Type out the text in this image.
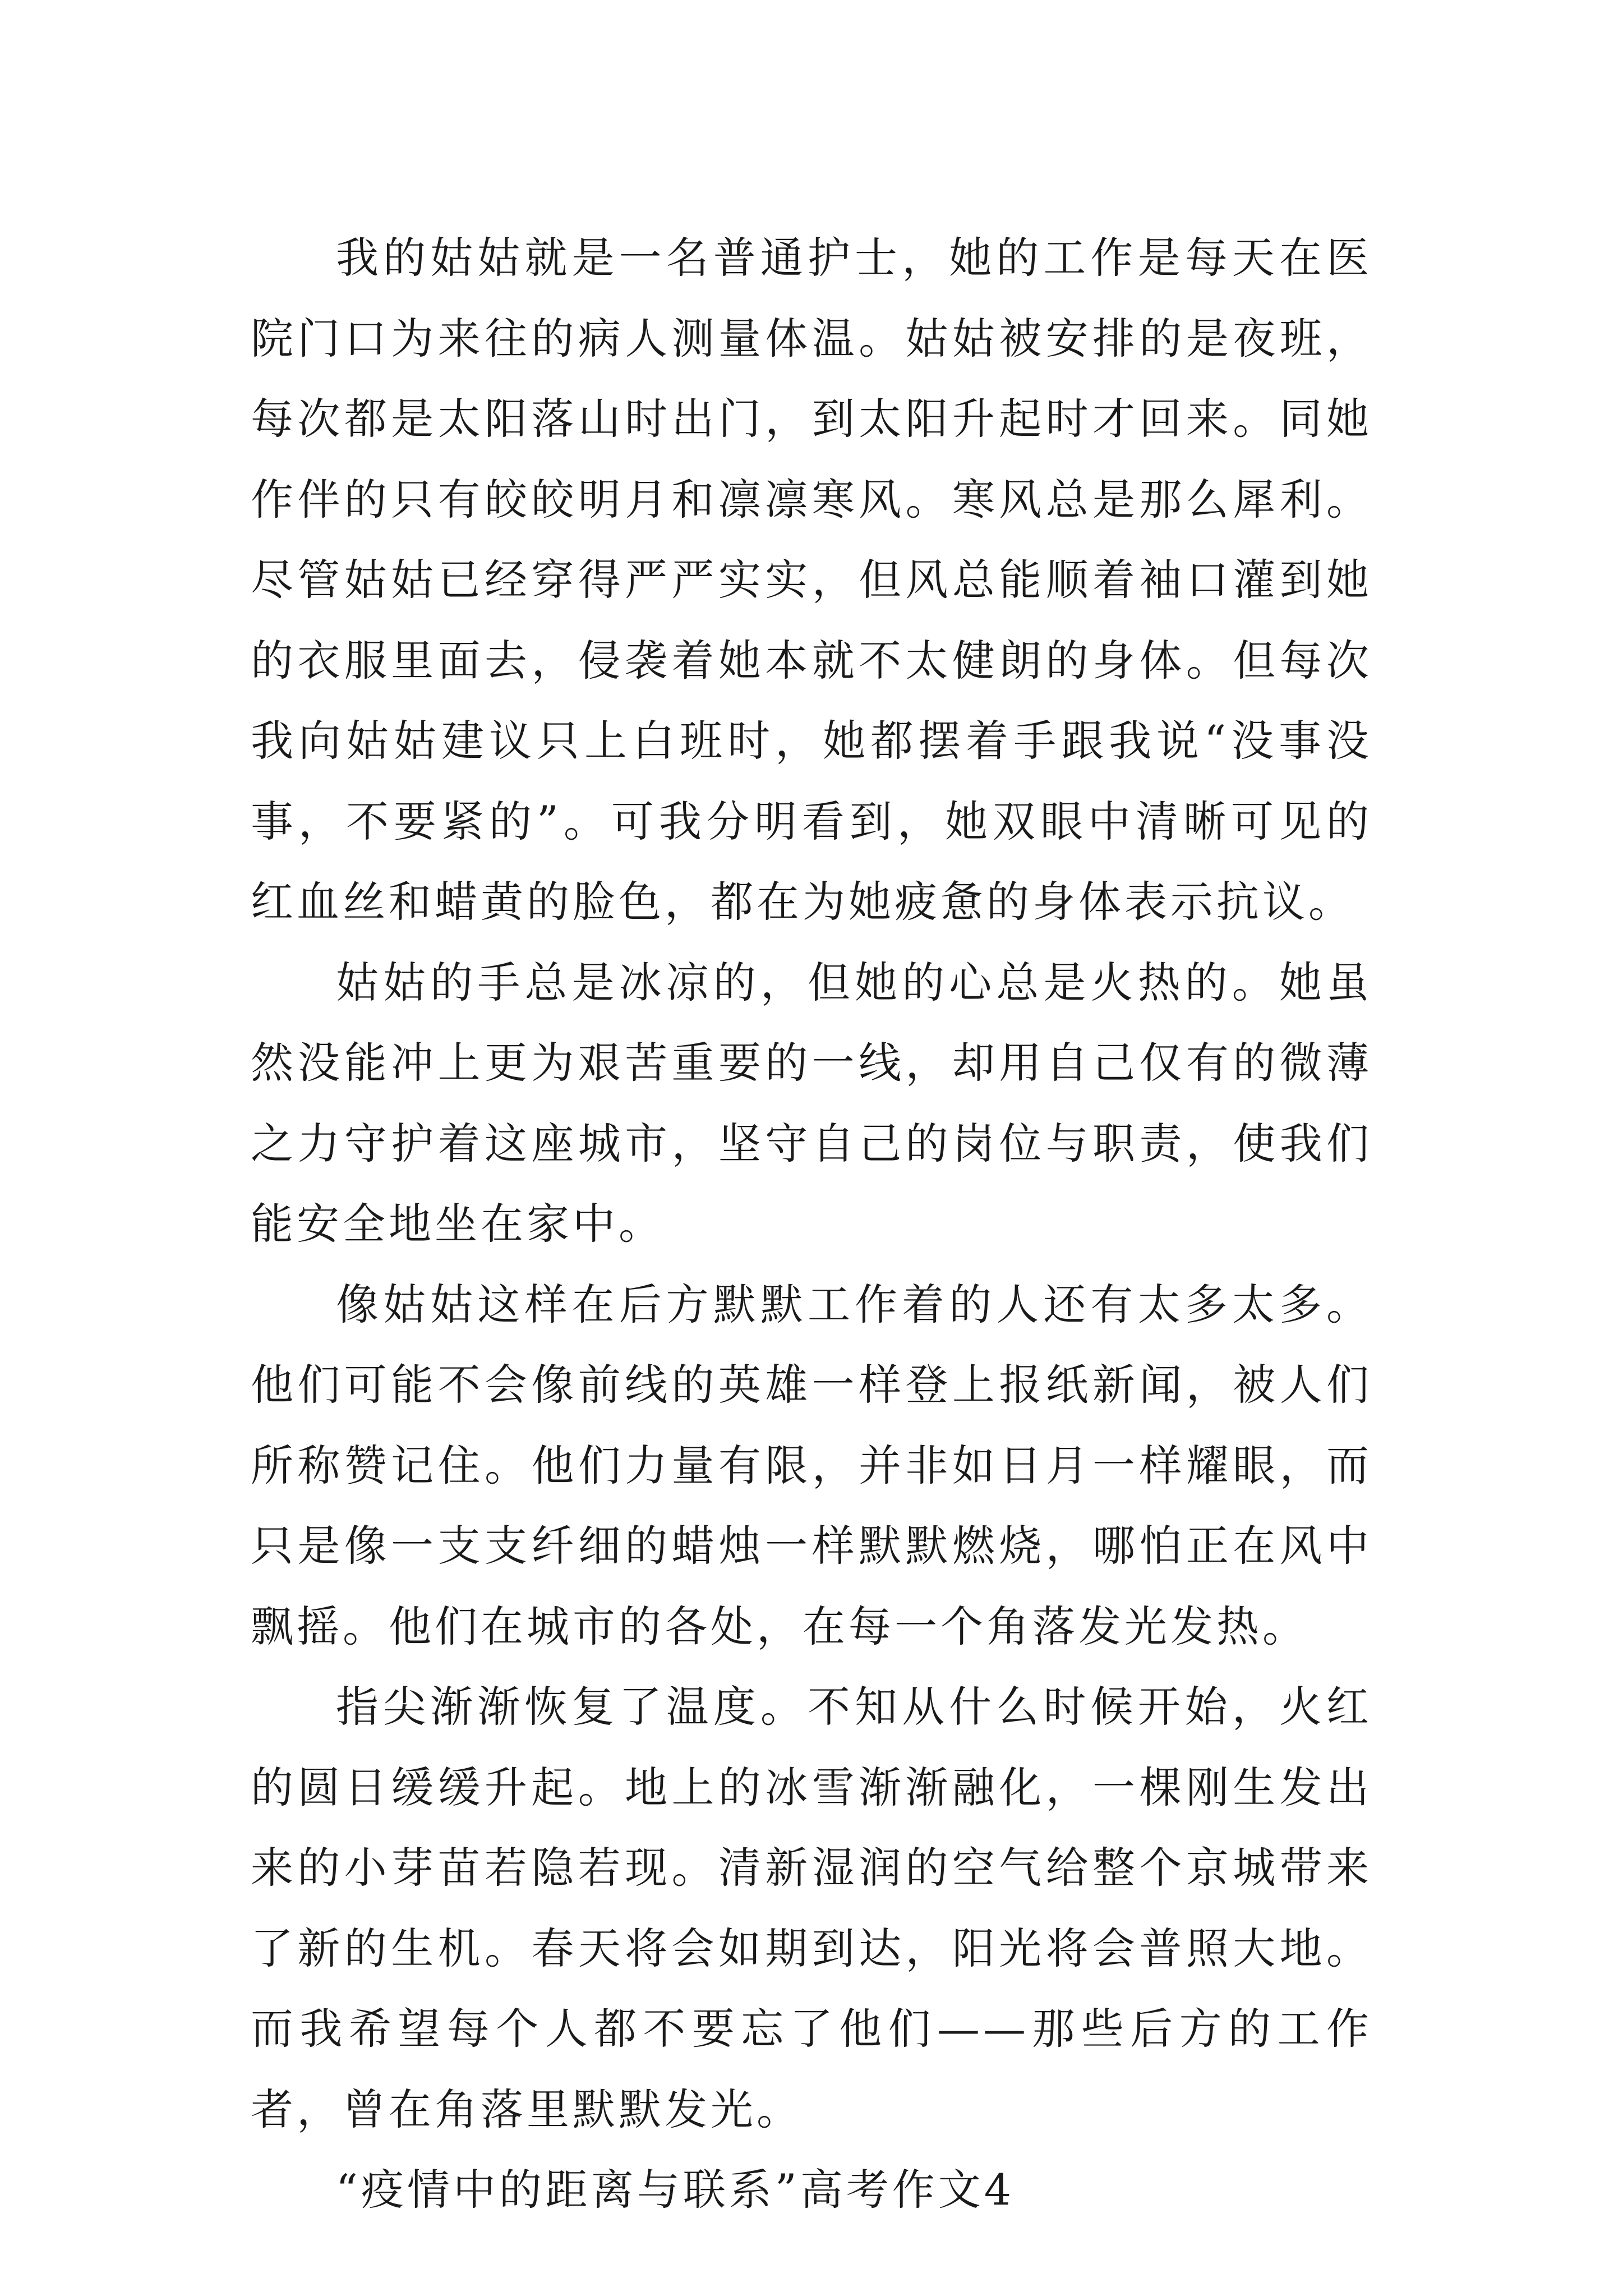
我的姑姑就是一名普通护士，她的工作是每天在医院门口为来往的病人测量体温。姑姑被安排的是夜班，每次都是太阳落山时出门，到太阳升起时才回来。同她作伴的只有皎皎明月和凛凛寒风。寒风总是那么犀利。尽管姑姑已经穿得严严实实，但风总能顺着袖口灌到她的衣服里面去，侵袭着她本就不太健朗的身体。但每次我向姑姑建议只上白班时，她都摆着手跟我说“没事没事，不要紧的”。可我分明看到，她双眼中清晰可见的红血丝和蜡黄的脸色，都在为她疲惫的身体表示抗议。

姑姑的手总是冰凉的，但她的心总是火热的。她虽然没能冲上更为艰苦重要的一线，却用自己仅有的微薄之力守护着这座城市，坚守自己的岗位与职责，使我们能安全地坐在家中。

像姑姑这样在后方默默工作着的人还有太多太多。他们可能不会像前线的英雄一样登上报纸新闻，被人们所称赞记住。他们力量有限，并非如日月一样耀眼，而只是像一支支纤细的蜡烛一样默默燃烧，哪怕正在风中飘摇。他们在城市的各处，在每一个角落发光发热。

指尖渐渐恢复了温度。不知从什么时候开始，火红的圆日缓缓升起。地上的冰雪渐渐融化，一棵刚生发出来的小芽苗若隐若现。清新湿润的空气给整个京城带来了新的生机。春天将会如期到达，阳光将会普照大地。而我希望每个人都不要忘了他们——那些后方的工作者，曾在角落里默默发光。

“疫情中的距离与联系”高考作文4
